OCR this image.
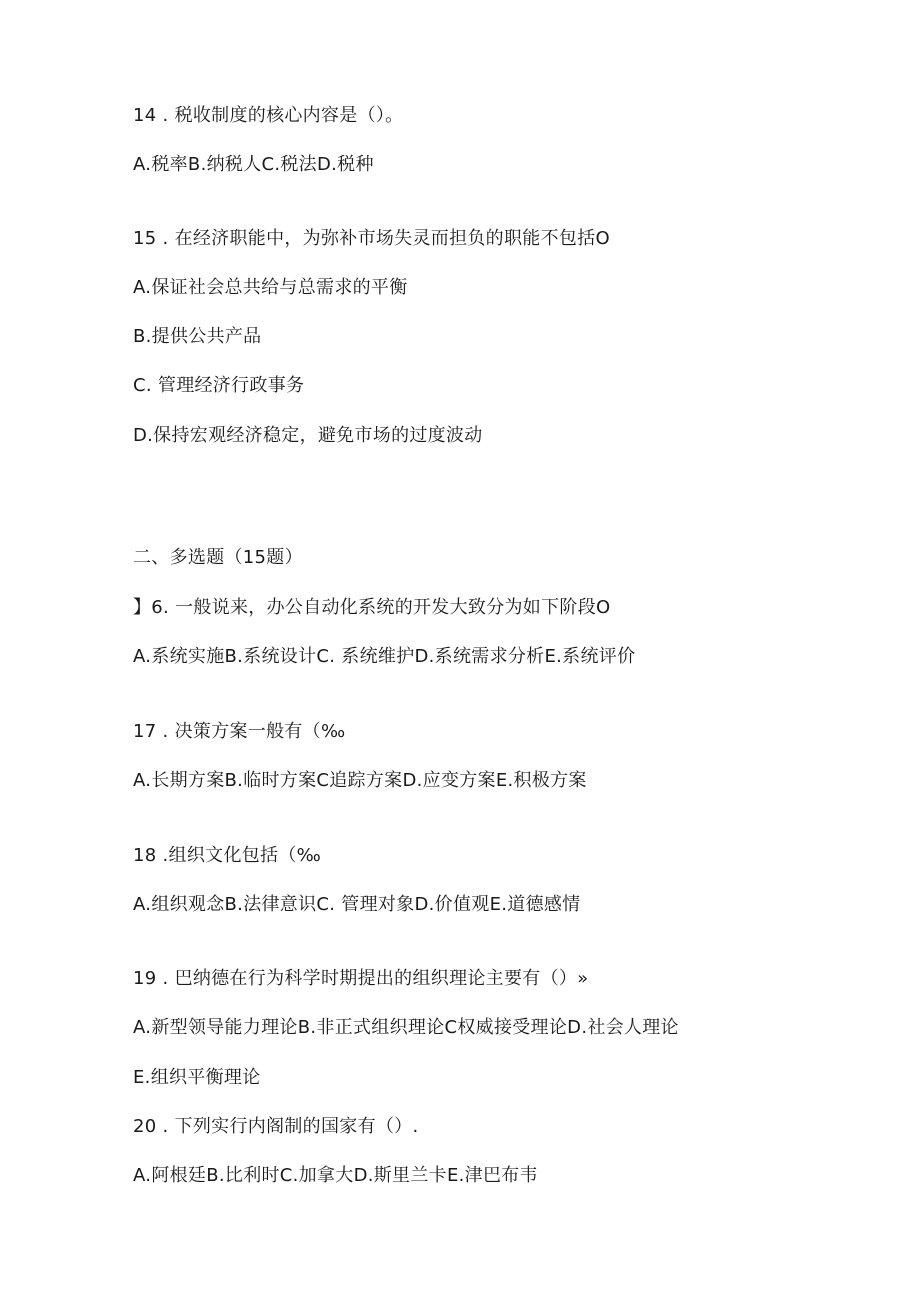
14 . 税收制度的核心内容是（）。
A.税率B.纳税人C.税法D.税种
15 . 在经济职能中，为弥补市场失灵而担负的职能不包括O
A.保证社会总共给与总需求的平衡
B.提供公共产品
C. 管理经济行政事务
D.保持宏观经济稳定，避免市场的过度波动
二、多选题（15题）
】6. 一般说来，办公自动化系统的开发大致分为如下阶段O
A.系统实施B.系统设计C. 系统维护D.系统需求分析E.系统评价
17 . 决策方案一般有（‰
A.长期方案B.临时方案C追踪方案D.应变方案E.积极方案
18 .组织文化包括（‰
A.组织观念B.法律意识C. 管理对象D.价值观E.道德感情
19 . 巴纳德在行为科学时期提出的组织理论主要有（）»
A.新型领导能力理论B.非正式组织理论C权威接受理论D.社会人理论
E.组织平衡理论
20 . 下列实行内阁制的国家有（）.
A.阿根廷B.比利时C.加拿大D.斯里兰卡E.津巴布韦
